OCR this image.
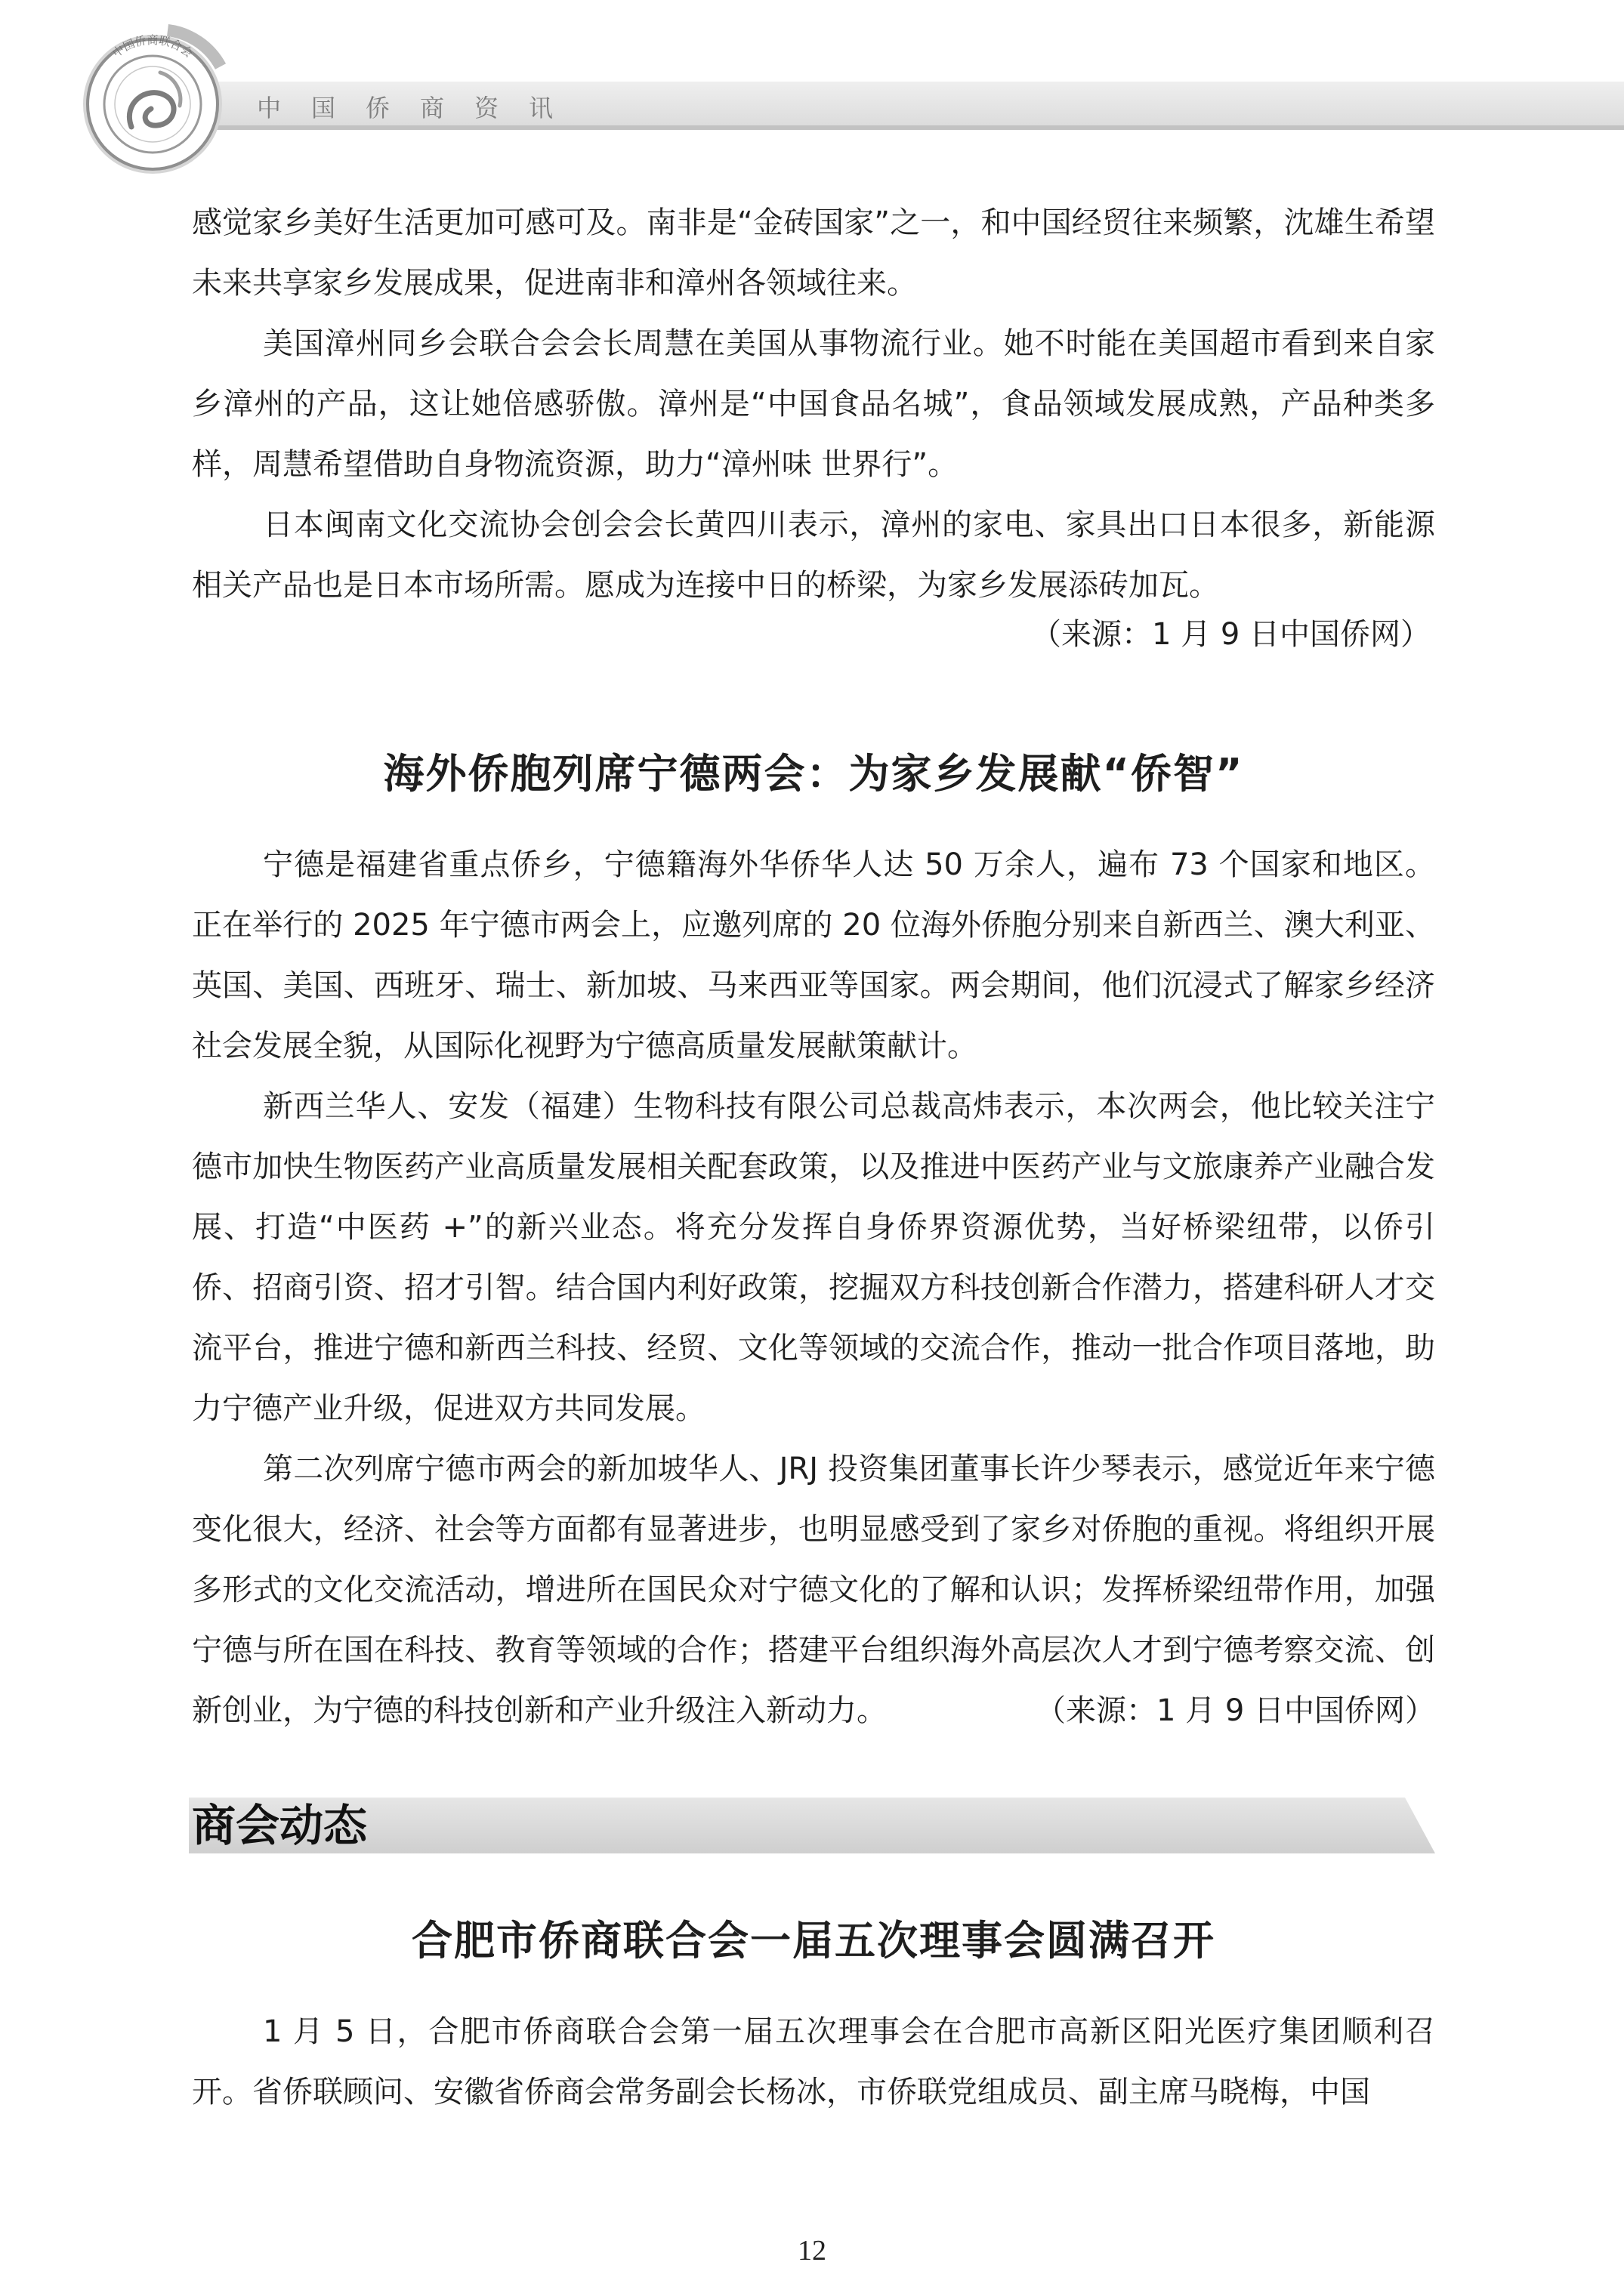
中国侨商联合会
中国侨商资讯

感觉家乡美好生活更加可感可及。南非是“金砖国家”之一，和中国经贸往来频繁，沈雄生希望未来共享家乡发展成果，促进南非和漳州各领域往来。

美国漳州同乡会联合会会长周慧在美国从事物流行业。她不时能在美国超市看到来自家乡漳州的产品，这让她倍感骄傲。漳州是“中国食品名城”，食品领域发展成熟，产品种类多样，周慧希望借助自身物流资源，助力“漳州味 世界行”。

日本闽南文化交流协会创会会长黄四川表示，漳州的家电、家具出口日本很多，新能源相关产品也是日本市场所需。愿成为连接中日的桥梁，为家乡发展添砖加瓦。

（来源：1 月 9 日中国侨网）
海外侨胞列席宁德两会：为家乡发展献“侨智”

宁德是福建省重点侨乡，宁德籍海外华侨华人达 50 万余人，遍布 73 个国家和地区。正在举行的 2025 年宁德市两会上，应邀列席的 20 位海外侨胞分别来自新西兰、澳大利亚、英国、美国、西班牙、瑞士、新加坡、马来西亚等国家。两会期间，他们沉浸式了解家乡经济社会发展全貌，从国际化视野为宁德高质量发展献策献计。

新西兰华人、安发（福建）生物科技有限公司总裁高炜表示，本次两会，他比较关注宁德市加快生物医药产业高质量发展相关配套政策，以及推进中医药产业与文旅康养产业融合发展、打造“中医药 +”的新兴业态。将充分发挥自身侨界资源优势，当好桥梁纽带，以侨引侨、招商引资、招才引智。结合国内利好政策，挖掘双方科技创新合作潜力，搭建科研人才交流平台，推进宁德和新西兰科技、经贸、文化等领域的交流合作，推动一批合作项目落地，助力宁德产业升级，促进双方共同发展。

第二次列席宁德市两会的新加坡华人、JRJ 投资集团董事长许少琴表示，感觉近年来宁德变化很大，经济、社会等方面都有显著进步，也明显感受到了家乡对侨胞的重视。将组织开展多形式的文化交流活动，增进所在国民众对宁德文化的了解和认识；发挥桥梁纽带作用，加强宁德与所在国在科技、教育等领域的合作；搭建平台组织海外高层次人才到宁德考察交流、创新创业，为宁德的科技创新和产业升级注入新动力。	（来源：1 月 9 日中国侨网）
商会动态
合肥市侨商联合会一届五次理事会圆满召开

1 月 5 日，合肥市侨商联合会第一届五次理事会在合肥市高新区阳光医疗集团顺利召开。省侨联顾问、安徽省侨商会常务副会长杨冰，市侨联党组成员、副主席马晓梅，中国

12
